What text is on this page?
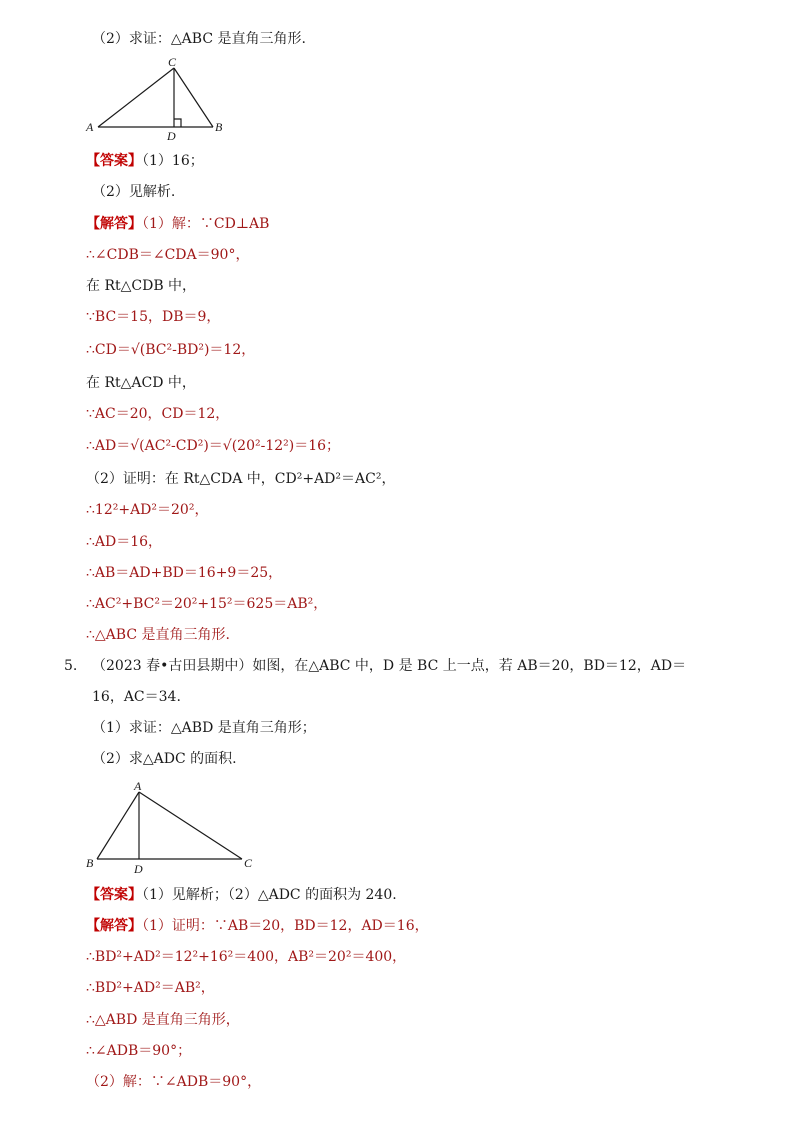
（2）求证：△ABC 是直角三角形.
C
A	B
D
【答案】（1）16；
（2）见解析.
【解答】（1）解：∵CD⊥AB
∴∠CDB＝∠CDA＝90°，
在 Rt△CDB 中，
∵BC＝15，DB＝9，
∴CD＝√(BC²-BD²)＝12，
在 Rt△ACD 中，
∵AC＝20，CD＝12，
∴AD＝√(AC²-CD²)＝√(20²-12²)＝16；
（2）证明：在 Rt△CDA 中，CD²+AD²＝AC²，
∴12²+AD²＝20²，
∴AD＝16，
∴AB＝AD+BD＝16+9＝25，
∴AC²+BC²＝20²+15²＝625＝AB²，
∴△ABC 是直角三角形.
5. （2023 春•古田县期中）如图，在△ABC 中，D 是 BC 上一点，若 AB＝20，BD＝12，AD＝
16，AC＝34.
（1）求证：△ABD 是直角三角形；
（2）求△ADC 的面积.
A
B	C
D
【答案】（1）见解析；（2）△ADC 的面积为 240.
【解答】（1）证明：∵AB＝20，BD＝12，AD＝16，
∴BD²+AD²＝12²+16²＝400，AB²＝20²＝400，
∴BD²+AD²＝AB²，
∴△ABD 是直角三角形，
∴∠ADB＝90°；
（2）解：∵∠ADB＝90°，
